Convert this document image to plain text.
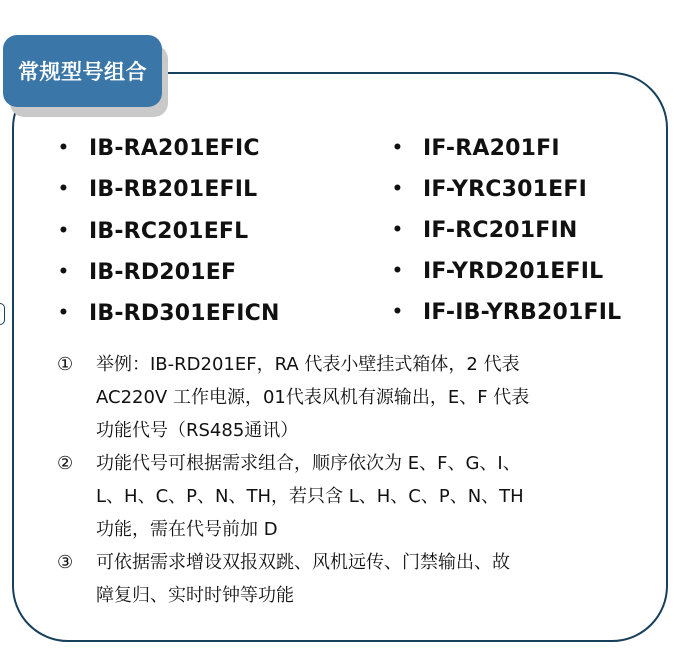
常规型号组合
• IB-RA201EFIC
• IB-RB201EFIL
• IB-RC201EFL
• IB-RD201EF
• IB-RD301EFICN
• IF-RA201FI
• IF-YRC301EFI
• IF-RC201FIN
• IF-YRD201EFIL
• IF-IB-YRB201FIL
①	举例：IB-RD201EF，RA 代表小壁挂式箱体，2 代表
AC220V 工作电源，01代表风机有源输出，E、F 代表
功能代号（RS485通讯）
②	功能代号可根据需求组合，顺序依次为 E、F、G、I、
L、H、C、P、N、TH，若只含 L、H、C、P、N、TH
功能，需在代号前加 D
③	可依据需求增设双报双跳、风机远传、门禁输出、故
障复归、实时时钟等功能
